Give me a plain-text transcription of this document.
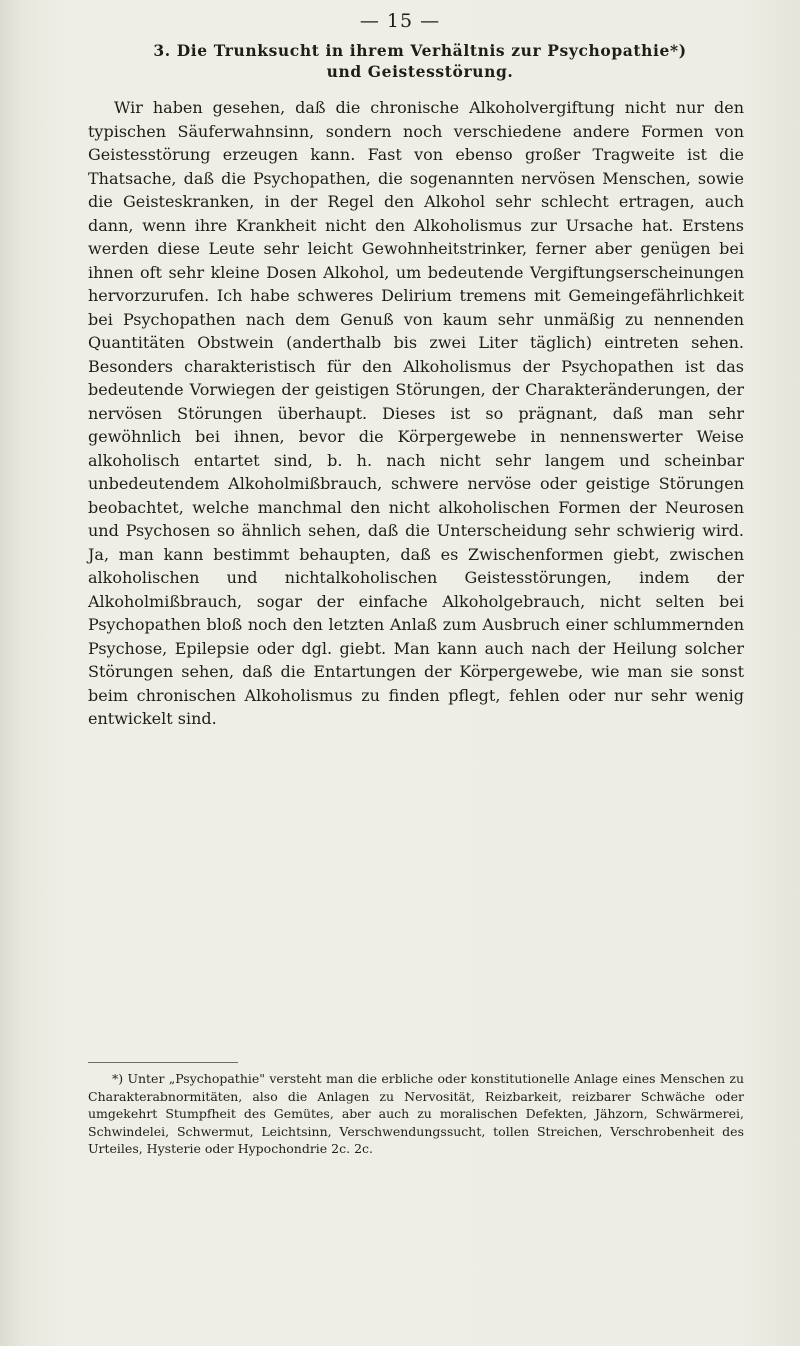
— 15 —
3. Die Trunksucht in ihrem Verhältnis zur Psychopathie*)
und Geistesstörung.

Wir haben gesehen, daß die chronische Alkoholvergiftung nicht nur den typischen Säuferwahnsinn, sondern noch verschiedene andere Formen von Geistesstörung erzeugen kann. Fast von ebenso großer Tragweite ist die Thatsache, daß die Psychopathen, die sogenannten nervösen Menschen, sowie die Geisteskranken, in der Regel den Alkohol sehr schlecht ertragen, auch dann, wenn ihre Krankheit nicht den Alkoholismus zur Ursache hat. Erstens werden diese Leute sehr leicht Gewohnheitstrinker, ferner aber genügen bei ihnen oft sehr kleine Dosen Alkohol, um bedeutende Vergiftungserscheinungen hervorzurufen. Ich habe schweres Delirium tremens mit Gemeingefährlichkeit bei Psychopathen nach dem Genuß von kaum sehr unmäßig zu nennenden Quantitäten Obstwein (anderthalb bis zwei Liter täglich) eintreten sehen. Besonders charakteristisch für den Alkoholismus der Psychopathen ist das bedeutende Vorwiegen der geistigen Störungen, der Charakteränderungen, der nervösen Störungen überhaupt. Dieses ist so prägnant, daß man sehr gewöhnlich bei ihnen, bevor die Körpergewebe in nennenswerter Weise alkoholisch entartet sind, b. h. nach nicht sehr langem und scheinbar unbedeutendem Alkoholmißbrauch, schwere nervöse oder geistige Störungen beobachtet, welche manchmal den nicht alkoholischen Formen der Neurosen und Psychosen so ähnlich sehen, daß die Unterscheidung sehr schwierig wird. Ja, man kann bestimmt behaupten, daß es Zwischenformen giebt, zwischen alkoholischen und nichtalkoholischen Geistesstörungen, indem der Alkoholmißbrauch, sogar der einfache Alkoholgebrauch, nicht selten bei Psychopathen bloß noch den letzten Anlaß zum Ausbruch einer schlummernden Psychose, Epilepsie oder dgl. giebt. Man kann auch nach der Heilung solcher Störungen sehen, daß die Entartungen der Körpergewebe, wie man sie sonst beim chronischen Alkoholismus zu finden pflegt, fehlen oder nur sehr wenig entwickelt sind.

*) Unter „Psychopathie" versteht man die erbliche oder konstitutionelle Anlage eines Menschen zu Charakterabnormitäten, also die Anlagen zu Nervosität, Reizbarkeit, reizbarer Schwäche oder umgekehrt Stumpfheit des Gemütes, aber auch zu moralischen Defekten, Jähzorn, Schwärmerei, Schwindelei, Schwermut, Leichtsinn, Verschwendungssucht, tollen Streichen, Verschrobenheit des Urteiles, Hysterie oder Hypochondrie 2c. 2c.
